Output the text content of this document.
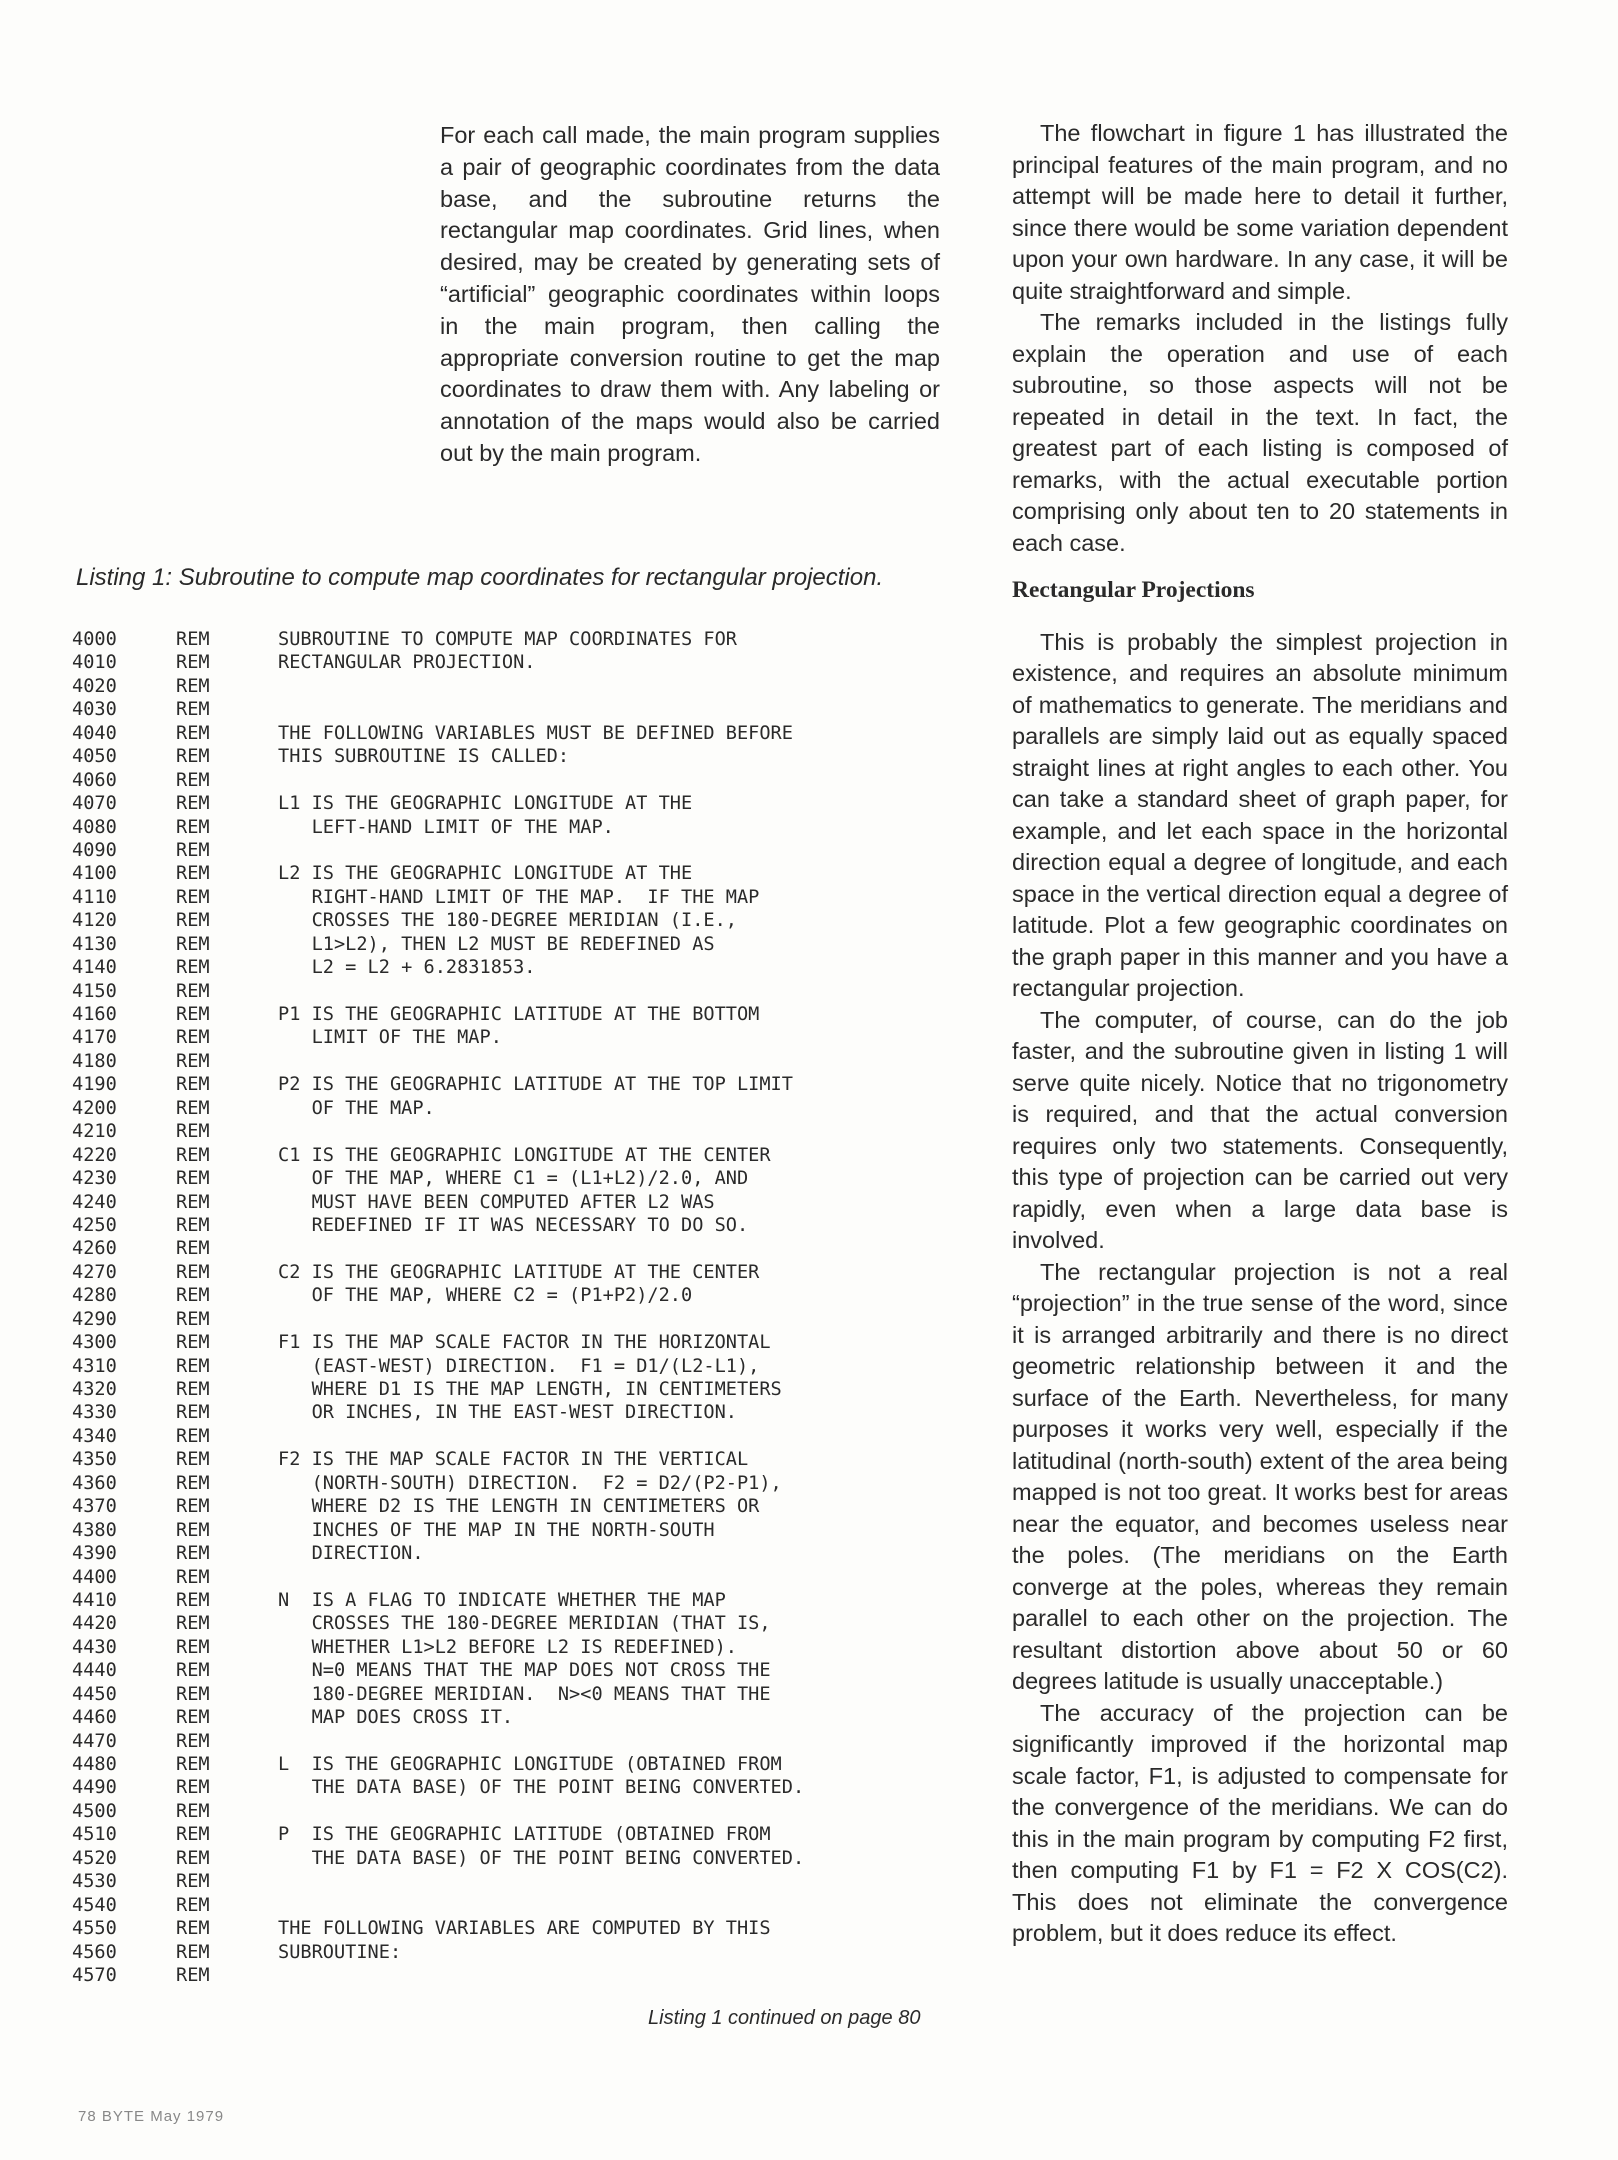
For each call made, the main program supplies a pair of geographic coordinates from the data base, and the subroutine returns the rectangular map coordinates. Grid lines, when desired, may be created by generating sets of “artificial” geographic coordinates within loops in the main program, then calling the appropriate conversion routine to get the map coordinates to draw them with. Any labeling or annotation of the maps would also be carried out by the main program.

Listing 1: Subroutine to compute map coordinates for rectangular projection.
4000	REM	SUBROUTINE TO COMPUTE MAP COORDINATES FOR
4010	REM	RECTANGULAR PROJECTION.
4020	REM
4030	REM
4040	REM	THE FOLLOWING VARIABLES MUST BE DEFINED BEFORE
4050	REM	THIS SUBROUTINE IS CALLED:
4060	REM
4070	REM	L1 IS THE GEOGRAPHIC LONGITUDE AT THE
4080	REM	LEFT-HAND LIMIT OF THE MAP.
4090	REM
4100	REM	L2 IS THE GEOGRAPHIC LONGITUDE AT THE
4110	REM	RIGHT-HAND LIMIT OF THE MAP.  IF THE MAP
4120	REM	CROSSES THE 180-DEGREE MERIDIAN (I.E.,
4130	REM	L1>L2), THEN L2 MUST BE REDEFINED AS
4140	REM	L2 = L2 + 6.2831853.
4150	REM
4160	REM	P1 IS THE GEOGRAPHIC LATITUDE AT THE BOTTOM
4170	REM	LIMIT OF THE MAP.
4180	REM
4190	REM	P2 IS THE GEOGRAPHIC LATITUDE AT THE TOP LIMIT
4200	REM	OF THE MAP.
4210	REM
4220	REM	C1 IS THE GEOGRAPHIC LONGITUDE AT THE CENTER
4230	REM	OF THE MAP, WHERE C1 = (L1+L2)/2.0, AND
4240	REM	MUST HAVE BEEN COMPUTED AFTER L2 WAS
4250	REM	REDEFINED IF IT WAS NECESSARY TO DO SO.
4260	REM
4270	REM	C2 IS THE GEOGRAPHIC LATITUDE AT THE CENTER
4280	REM	OF THE MAP, WHERE C2 = (P1+P2)/2.0
4290	REM
4300	REM	F1 IS THE MAP SCALE FACTOR IN THE HORIZONTAL
4310	REM	(EAST-WEST) DIRECTION.  F1 = D1/(L2-L1),
4320	REM	WHERE D1 IS THE MAP LENGTH, IN CENTIMETERS
4330	REM	OR INCHES, IN THE EAST-WEST DIRECTION.
4340	REM
4350	REM	F2 IS THE MAP SCALE FACTOR IN THE VERTICAL
4360	REM	(NORTH-SOUTH) DIRECTION.  F2 = D2/(P2-P1),
4370	REM	WHERE D2 IS THE LENGTH IN CENTIMETERS OR
4380	REM	INCHES OF THE MAP IN THE NORTH-SOUTH
4390	REM	DIRECTION.
4400	REM
4410	REM	N  IS A FLAG TO INDICATE WHETHER THE MAP
4420	REM	CROSSES THE 180-DEGREE MERIDIAN (THAT IS,
4430	REM	WHETHER L1>L2 BEFORE L2 IS REDEFINED).
4440	REM	N=0 MEANS THAT THE MAP DOES NOT CROSS THE
4450	REM	180-DEGREE MERIDIAN.  N><0 MEANS THAT THE
4460	REM	MAP DOES CROSS IT.
4470	REM
4480	REM	L  IS THE GEOGRAPHIC LONGITUDE (OBTAINED FROM
4490	REM	THE DATA BASE) OF THE POINT BEING CONVERTED.
4500	REM
4510	REM	P  IS THE GEOGRAPHIC LATITUDE (OBTAINED FROM
4520	REM	THE DATA BASE) OF THE POINT BEING CONVERTED.
4530	REM
4540	REM
4550	REM	THE FOLLOWING VARIABLES ARE COMPUTED BY THIS
4560	REM	SUBROUTINE:
4570	REM
Listing 1 continued on page 80

The flowchart in figure 1 has illustrated the principal features of the main program, and no attempt will be made here to detail it further, since there would be some variation dependent upon your own hardware. In any case, it will be quite straightforward and simple.

The remarks included in the listings fully explain the operation and use of each subroutine, so those aspects will not be repeated in detail in the text. In fact, the greatest part of each listing is composed of remarks, with the actual executable portion comprising only about ten to 20 statements in each case.

Rectangular Projections

This is probably the simplest projection in existence, and requires an absolute minimum of mathematics to generate. The meridians and parallels are simply laid out as equally spaced straight lines at right angles to each other. You can take a standard sheet of graph paper, for example, and let each space in the horizontal direction equal a degree of longitude, and each space in the vertical direction equal a degree of latitude. Plot a few geographic coordinates on the graph paper in this manner and you have a rectangular projection.

The computer, of course, can do the job faster, and the subroutine given in listing 1 will serve quite nicely. Notice that no trigonometry is required, and that the actual conversion requires only two statements. Consequently, this type of projection can be carried out very rapidly, even when a large data base is involved.

The rectangular projection is not a real “projection” in the true sense of the word, since it is arranged arbitrarily and there is no direct geometric relationship between it and the surface of the Earth. Nevertheless, for many purposes it works very well, especially if the latitudinal (north-south) extent of the area being mapped is not too great. It works best for areas near the equator, and becomes useless near the poles. (The meridians on the Earth converge at the poles, whereas they remain parallel to each other on the projection. The resultant distortion above about 50 or 60 degrees latitude is usually unacceptable.)

The accuracy of the projection can be significantly improved if the horizontal map scale factor, F1, is adjusted to compensate for the convergence of the meridians. We can do this in the main program by computing F2 first, then computing F1 by F1 = F2 X COS(C2). This does not eliminate the convergence problem, but it does reduce its effect.

78 BYTE May 1979
